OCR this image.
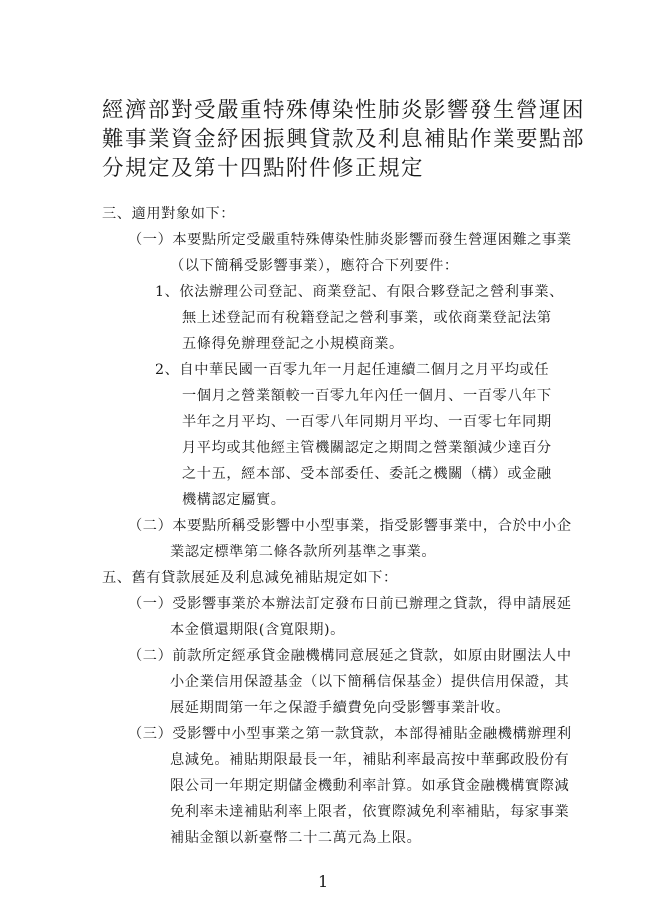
經濟部對受嚴重特殊傳染性肺炎影響發生營運困
難事業資金紓困振興貸款及利息補貼作業要點部
分規定及第十四點附件修正規定
三、適用對象如下：
（一）本要點所定受嚴重特殊傳染性肺炎影響而發生營運困難之事業
（以下簡稱受影響事業），應符合下列要件：
1、依法辦理公司登記、商業登記、有限合夥登記之營利事業、
無上述登記而有稅籍登記之營利事業，或依商業登記法第
五條得免辦理登記之小規模商業。
2、自中華民國一百零九年一月起任連續二個月之月平均或任
一個月之營業額較一百零九年內任一個月、一百零八年下
半年之月平均、一百零八年同期月平均、一百零七年同期
月平均或其他經主管機關認定之期間之營業額減少達百分
之十五，經本部、受本部委任、委託之機關（構）或金融
機構認定屬實。
（二）本要點所稱受影響中小型事業，指受影響事業中，合於中小企
業認定標準第二條各款所列基準之事業。
五、舊有貸款展延及利息減免補貼規定如下：
（一）受影響事業於本辦法訂定發布日前已辦理之貸款，得申請展延
本金償還期限(含寬限期)。
（二）前款所定經承貸金融機構同意展延之貸款，如原由財團法人中
小企業信用保證基金（以下簡稱信保基金）提供信用保證，其
展延期間第一年之保證手續費免向受影響事業計收。
（三）受影響中小型事業之第一款貸款，本部得補貼金融機構辦理利
息減免。補貼期限最長一年，補貼利率最高按中華郵政股份有
限公司一年期定期儲金機動利率計算。如承貸金融機構實際減
免利率未達補貼利率上限者，依實際減免利率補貼，每家事業
補貼金額以新臺幣二十二萬元為上限。
1
